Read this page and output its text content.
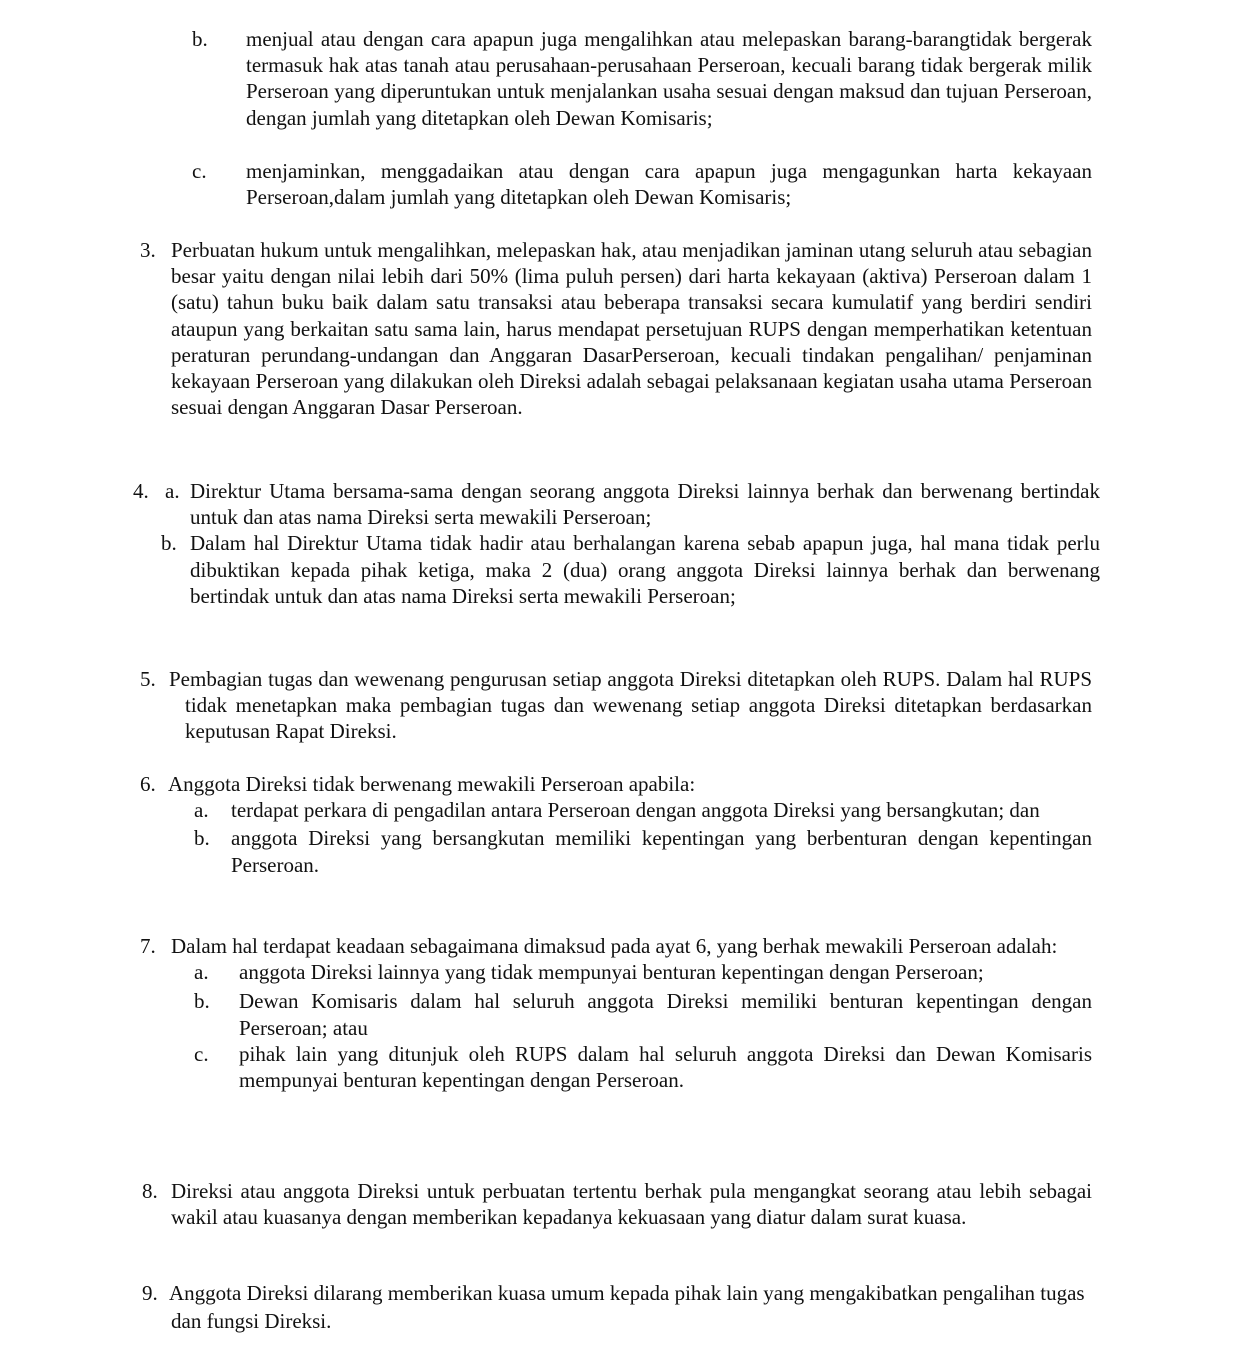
b. menjual atau dengan cara apapun juga mengalihkan atau melepaskan barang-barangtidak bergerak termasuk hak atas tanah atau perusahaan-perusahaan Perseroan, kecuali barang tidak bergerak milik Perseroan yang diperuntukan untuk menjalankan usaha sesuai dengan maksud dan tujuan Perseroan, dengan jumlah yang ditetapkan oleh Dewan Komisaris;
c. menjaminkan, menggadaikan atau dengan cara apapun juga mengagunkan harta kekayaan Perseroan,dalam jumlah yang ditetapkan oleh Dewan Komisaris;
3. Perbuatan hukum untuk mengalihkan, melepaskan hak, atau menjadikan jaminan utang seluruh atau sebagian besar yaitu dengan nilai lebih dari 50% (lima puluh persen) dari harta kekayaan (aktiva) Perseroan dalam 1 (satu) tahun buku baik dalam satu transaksi atau beberapa transaksi secara kumulatif yang berdiri sendiri ataupun yang berkaitan satu sama lain, harus mendapat persetujuan RUPS dengan memperhatikan ketentuan peraturan perundang-undangan dan Anggaran DasarPerseroan, kecuali tindakan pengalihan/ penjaminan kekayaan Perseroan yang dilakukan oleh Direksi adalah sebagai pelaksanaan kegiatan usaha utama Perseroan sesuai dengan Anggaran Dasar Perseroan.
4. a. Direktur Utama bersama-sama dengan seorang anggota Direksi lainnya berhak dan berwenang bertindak untuk dan atas nama Direksi serta mewakili Perseroan;
b. Dalam hal Direktur Utama tidak hadir atau berhalangan karena sebab apapun juga, hal mana tidak perlu dibuktikan kepada pihak ketiga, maka 2 (dua) orang anggota Direksi lainnya berhak dan berwenang bertindak untuk dan atas nama Direksi serta mewakili Perseroan;
5. Pembagian tugas dan wewenang pengurusan setiap anggota Direksi ditetapkan oleh RUPS. Dalam hal RUPS tidak menetapkan maka pembagian tugas dan wewenang setiap anggota Direksi ditetapkan berdasarkan keputusan Rapat Direksi.
6. Anggota Direksi tidak berwenang mewakili Perseroan apabila:
a. terdapat perkara di pengadilan antara Perseroan dengan anggota Direksi yang bersangkutan; dan
b. anggota Direksi yang bersangkutan memiliki kepentingan yang berbenturan dengan kepentingan Perseroan.
7. Dalam hal terdapat keadaan sebagaimana dimaksud pada ayat 6, yang berhak mewakili Perseroan adalah:
a. anggota Direksi lainnya yang tidak mempunyai benturan kepentingan dengan Perseroan;
b. Dewan Komisaris dalam hal seluruh anggota Direksi memiliki benturan kepentingan dengan Perseroan; atau
c. pihak lain yang ditunjuk oleh RUPS dalam hal seluruh anggota Direksi dan Dewan Komisaris mempunyai benturan kepentingan dengan Perseroan.
8. Direksi atau anggota Direksi untuk perbuatan tertentu berhak pula mengangkat seorang atau lebih sebagai wakil atau kuasanya dengan memberikan kepadanya kekuasaan yang diatur dalam surat kuasa.
9. Anggota Direksi dilarang memberikan kuasa umum kepada pihak lain yang mengakibatkan pengalihan tugas dan fungsi Direksi.
